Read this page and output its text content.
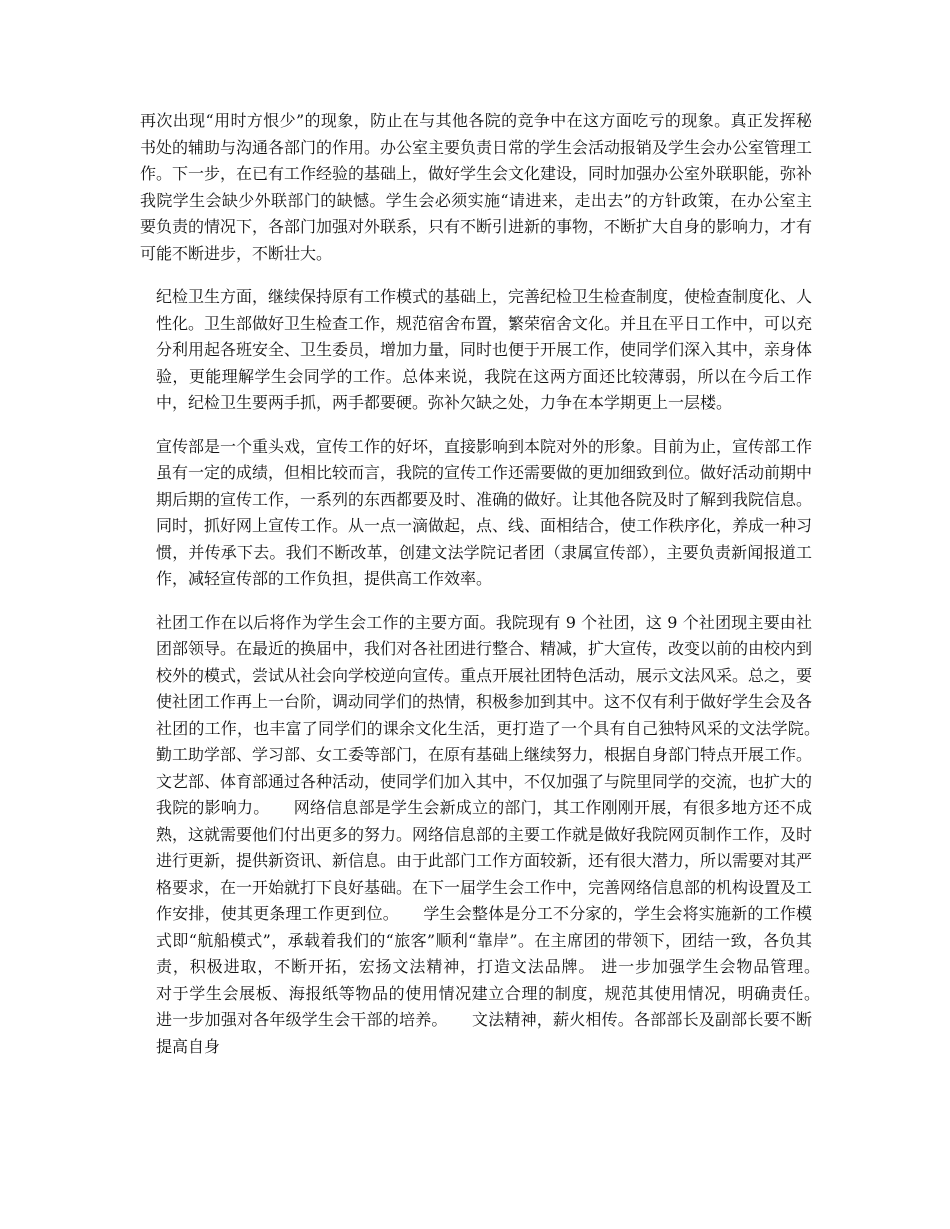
再次出现“用时方恨少”的现象，防止在与其他各院的竞争中在这方面吃亏的现象。真正发挥秘书处的辅助与沟通各部门的作用。办公室主要负责日常的学生会活动报销及学生会办公室管理工作。下一步，在已有工作经验的基础上，做好学生会文化建设，同时加强办公室外联职能，弥补我院学生会缺少外联部门的缺憾。学生会必须实施“请进来，走出去”的方针政策，在办公室主要负责的情况下，各部门加强对外联系，只有不断引进新的事物，不断扩大自身的影响力，才有可能不断进步，不断壮大。

纪检卫生方面，继续保持原有工作模式的基础上，完善纪检卫生检查制度，使检查制度化、人性化。卫生部做好卫生检查工作，规范宿舍布置，繁荣宿舍文化。并且在平日工作中，可以充分利用起各班安全、卫生委员，增加力量，同时也便于开展工作，使同学们深入其中，亲身体验，更能理解学生会同学的工作。总体来说，我院在这两方面还比较薄弱，所以在今后工作中，纪检卫生要两手抓，两手都要硬。弥补欠缺之处，力争在本学期更上一层楼。

宣传部是一个重头戏，宣传工作的好坏，直接影响到本院对外的形象。目前为止，宣传部工作虽有一定的成绩，但相比较而言，我院的宣传工作还需要做的更加细致到位。做好活动前期中期后期的宣传工作，一系列的东西都要及时、准确的做好。让其他各院及时了解到我院信息。同时，抓好网上宣传工作。从一点一滴做起，点、线、面相结合，使工作秩序化，养成一种习惯，并传承下去。我们不断改革，创建文法学院记者团（隶属宣传部），主要负责新闻报道工作，减轻宣传部的工作负担，提供高工作效率。

社团工作在以后将作为学生会工作的主要方面。我院现有 9 个社团，这 9 个社团现主要由社团部领导。在最近的换届中，我们对各社团进行整合、精减，扩大宣传，改变以前的由校内到校外的模式，尝试从社会向学校逆向宣传。重点开展社团特色活动，展示文法风采。总之，要使社团工作再上一台阶，调动同学们的热情，积极参加到其中。这不仅有利于做好学生会及各社团的工作，也丰富了同学们的课余文化生活，更打造了一个具有自己独特风采的文法学院。　　勤工助学部、学习部、女工委等部门，在原有基础上继续努力，根据自身部门特点开展工作。文艺部、体育部通过各种活动，使同学们加入其中，不仅加强了与院里同学的交流，也扩大的我院的影响力。　　网络信息部是学生会新成立的部门，其工作刚刚开展，有很多地方还不成熟，这就需要他们付出更多的努力。网络信息部的主要工作就是做好我院网页制作工作，及时进行更新，提供新资讯、新信息。由于此部门工作方面较新，还有很大潜力，所以需要对其严格要求，在一开始就打下良好基础。在下一届学生会工作中，完善网络信息部的机构设置及工作安排，使其更条理工作更到位。　　学生会整体是分工不分家的，学生会将实施新的工作模式即“航船模式”，承载着我们的“旅客”顺利“靠岸”。在主席团的带领下，团结一致，各负其责，积极进取，不断开拓，宏扬文法精神，打造文法品牌。 进一步加强学生会物品管理。　 对于学生会展板、海报纸等物品的使用情况建立合理的制度，规范其使用情况，明确责任。　进一步加强对各年级学生会干部的培养。　　文法精神，薪火相传。各部部长及副部长要不断提高自身
